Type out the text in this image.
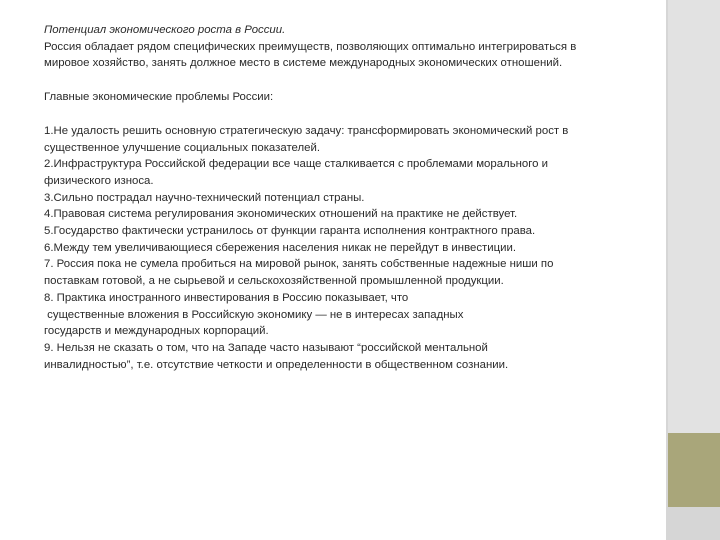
Потенциал экономического роста в России.

Россия обладает рядом специфических преимуществ, позволяющих оптимально интегрироваться в
мировое хозяйство, занять должное место в системе международных экономических отношений.

Главные экономические проблемы России:

1.Не удалость решить основную стратегическую задачу: трансформировать экономический рост в
существенное улучшение социальных показателей.

2.Инфраструктура Российской федерации все чаще сталкивается с проблемами морального и
физического износа.

3.Сильно пострадал научно-технический потенциал страны.

4.Правовая система регулирования экономических отношений на практике не действует.

5.Государство фактически устранилось от функции гаранта исполнения контрактного права.

6.Между тем увеличивающиеся сбережения населения никак не перейдут в инвестиции.

7. Россия пока не сумела пробиться на мировой рынок, занять собственные надежные ниши по
поставкам готовой, а не сырьевой и сельскохозяйственной промышленной продукции.

8. Практика иностранного инвестирования в Россию показывает, что
существенные вложения в Российскую экономику — не в интересах западных
государств и международных корпораций.

9. Нельзя не сказать о том, что на Западе часто называют “российской ментальной
инвалидностью”, т.е. отсутствие четкости и определенности в общественном сознании.
